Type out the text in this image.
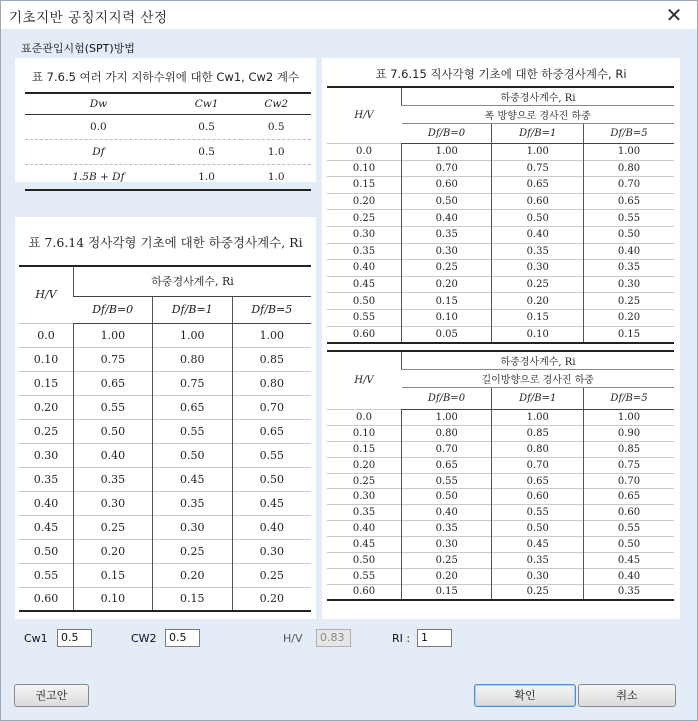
기초지반 공칭지지력 산정	✕
표준관입시험(SPT)방법
표 7.6.5 여러 가지 지하수위에 대한 Cw1, Cw2 계수
Dw	Cw1	Cw2
0.0	0.5	0.5
Df	0.5	1.0
1.5B + Df	1.0	1.0
표 7.6.14 정사각형 기초에 대한 하중경사계수, Ri
H/V	하중경사계수, Ri		
	Df/B=0	Df/B=1	Df/B=5
0.0	1.00	1.00	1.00
0.10	0.75	0.80	0.85
0.15	0.65	0.75	0.80
0.20	0.55	0.65	0.70
0.25	0.50	0.55	0.65
0.30	0.40	0.50	0.55
0.35	0.35	0.45	0.50
0.40	0.30	0.35	0.45
0.45	0.25	0.30	0.40
0.50	0.20	0.25	0.30
0.55	0.15	0.20	0.25
0.60	0.10	0.15	0.20
표 7.6.15 직사각형 기초에 대한 하중경사계수, Ri
H/V	하중경사계수, Ri		
	폭 방향으로 경사진 하중		
	Df/B=0	Df/B=1	Df/B=5
0.0	1.00	1.00	1.00
0.10	0.70	0.75	0.80
0.15	0.60	0.65	0.70
0.20	0.50	0.60	0.65
0.25	0.40	0.50	0.55
0.30	0.35	0.40	0.50
0.35	0.30	0.35	0.40
0.40	0.25	0.30	0.35
0.45	0.20	0.25	0.30
0.50	0.15	0.20	0.25
0.55	0.10	0.15	0.20
0.60	0.05	0.10	0.15
H/V	하중경사계수, Ri		
	길이방향으로 경사진 하중		
	Df/B=0	Df/B=1	Df/B=5
0.0	1.00	1.00	1.00
0.10	0.80	0.85	0.90
0.15	0.70	0.80	0.85
0.20	0.65	0.70	0.75
0.25	0.55	0.65	0.70
0.30	0.50	0.60	0.65
0.35	0.40	0.55	0.60
0.40	0.35	0.50	0.55
0.45	0.30	0.45	0.50
0.50	0.25	0.35	0.45
0.55	0.20	0.30	0.40
0.60	0.15	0.25	0.35
Cw1	0.5	CW2	0.5	H/V	0.83	RI : 1
권고안	확인	취소
